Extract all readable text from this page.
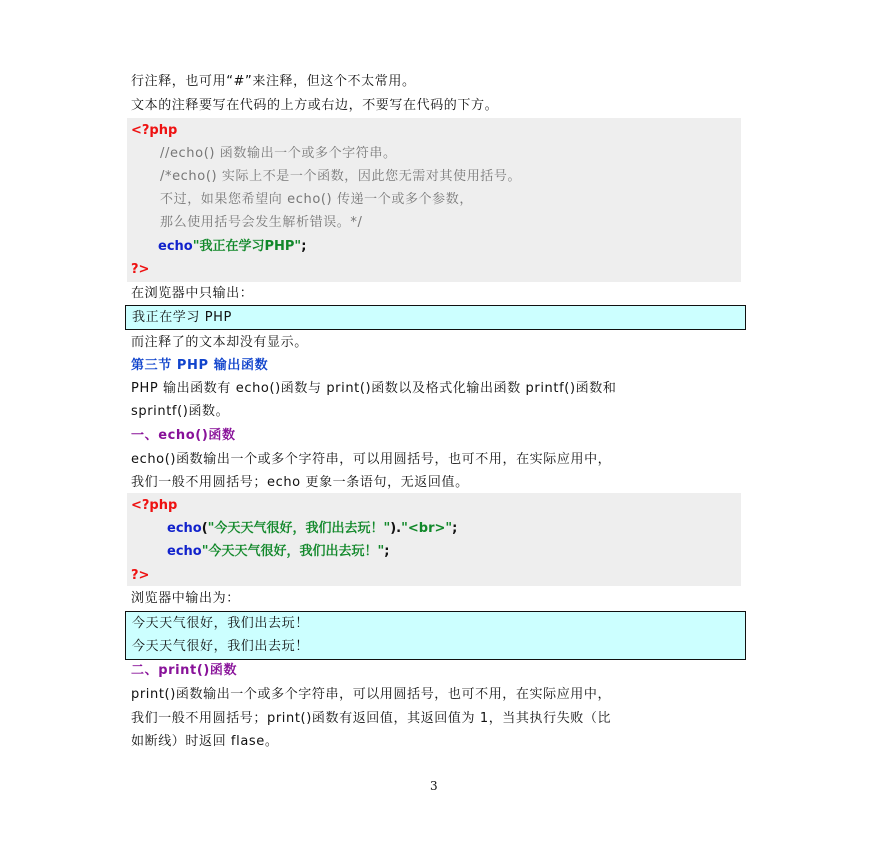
行注释，也可用“#”来注释，但这个不太常用。
文本的注释要写在代码的上方或右边，不要写在代码的下方。
<?php
//echo() 函数输出一个或多个字符串。
/*echo() 实际上不是一个函数，因此您无需对其使用括号。
不过，如果您希望向 echo() 传递一个或多个参数，
那么使用括号会发生解析错误。*/
echo"我正在学习PHP";
?>
在浏览器中只输出：
我正在学习 PHP
而注释了的文本却没有显示。
第三节 PHP 输出函数
PHP 输出函数有 echo()函数与 print()函数以及格式化输出函数 printf()函数和
sprintf()函数。
一、echo()函数
echo()函数输出一个或多个字符串，可以用圆括号，也可不用，在实际应用中，
我们一般不用圆括号；echo 更象一条语句，无返回值。
<?php
echo("今天天气很好，我们出去玩！")."<br>";
echo"今天天气很好，我们出去玩！";
?>
浏览器中输出为：
今天天气很好，我们出去玩！
今天天气很好，我们出去玩！
二、print()函数
print()函数输出一个或多个字符串，可以用圆括号，也可不用，在实际应用中，
我们一般不用圆括号；print()函数有返回值，其返回值为 1，当其执行失败（比
如断线）时返回 flase。
3
